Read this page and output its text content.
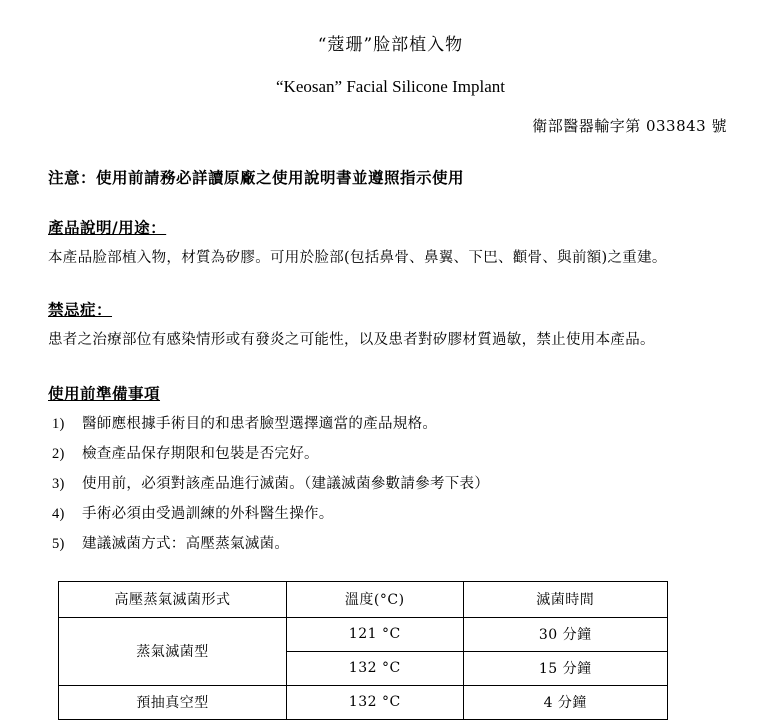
“蔻珊”脸部植入物
“Keosan” Facial Silicone Implant
衛部醫器輸字第 033843 號
注意：使用前請務必詳讀原廠之使用說明書並遵照指示使用
產品說明/用途：
本產品脸部植入物，材質為矽膠。可用於脸部(包括鼻骨、鼻翼、下巴、顴骨、與前額)之重建。
禁忌症：
患者之治療部位有感染情形或有發炎之可能性，以及患者對矽膠材質過敏，禁止使用本產品。
使用前準備事項
1) 醫師應根據手術目的和患者臉型選擇適當的產品規格。
2) 檢查產品保存期限和包裝是否完好。
3) 使用前，必須對該產品進行滅菌。（建議滅菌參數請參考下表）
4) 手術必須由受過訓練的外科醫生操作。
5) 建議滅菌方式：高壓蒸氣滅菌。
高壓蒸氣滅菌形式	溫度(°C)	滅菌時間
蒸氣滅菌型	121 °C	30 分鐘
	132 °C	15 分鐘
預抽真空型	132 °C	4 分鐘
